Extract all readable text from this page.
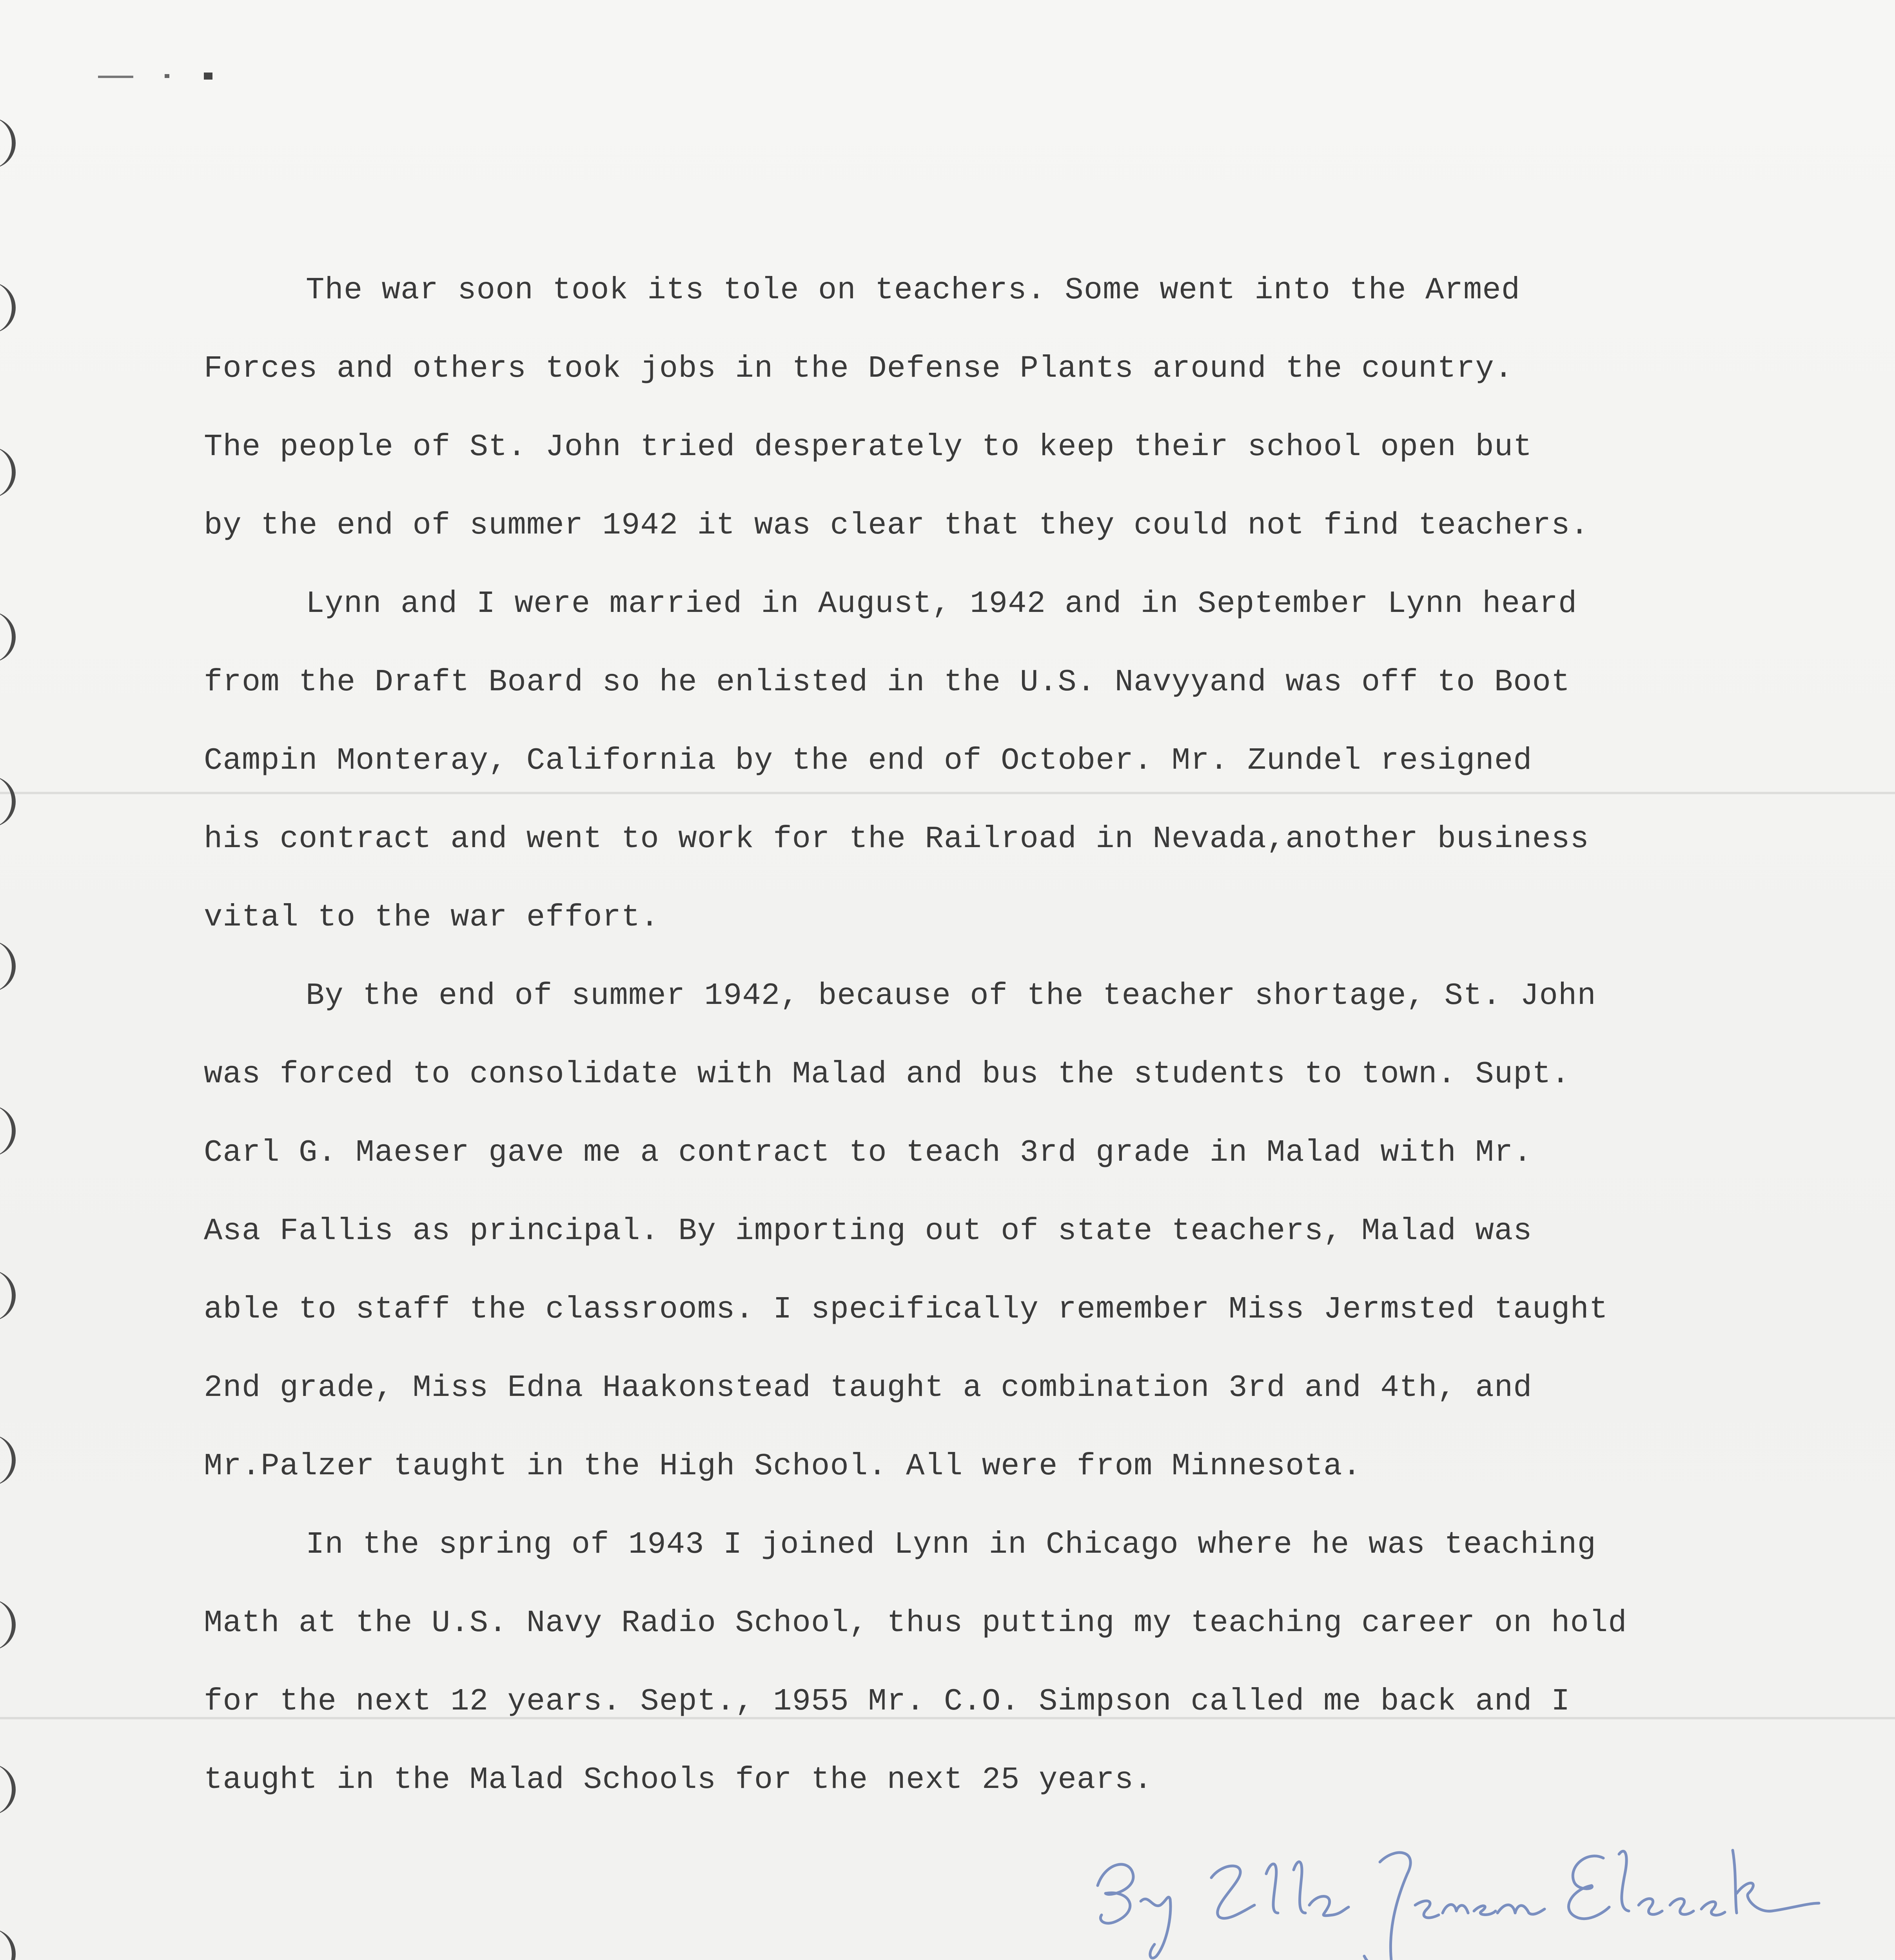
The war soon took its tole on teachers. Some went into the Armed
Forces and others took jobs in the Defense Plants around the country.
The people of St. John tried desperately to keep their school open but
by the end of summer 1942 it was clear that they could not find teachers.

Lynn and I were married in August, 1942 and in September Lynn heard
from the Draft Board so he enlisted in the U.S. Navyyand was off to Boot
Campin Monteray, California by the end of October. Mr. Zundel resigned
his contract and went to work for the Railroad in Nevada,another business
vital to the war effort.

By the end of summer 1942, because of the teacher shortage, St. John
was forced to consolidate with Malad and bus the students to town. Supt.
Carl G. Maeser gave me a contract to teach 3rd grade in Malad with Mr.
Asa Fallis as principal. By importing out of state teachers, Malad was
able to staff the classrooms. I specifically remember Miss Jermsted taught
2nd grade, Miss Edna Haakonstead taught a combination 3rd and 4th, and
Mr.Palzer taught in the High School. All were from Minnesota.

In the spring of 1943 I joined Lynn in Chicago where he was teaching
Math at the U.S. Navy Radio School, thus putting my teaching career on hold
for the next 12 years. Sept., 1955 Mr. C.O. Simpson called me back and I
taught in the Malad Schools for the next 25 years.
